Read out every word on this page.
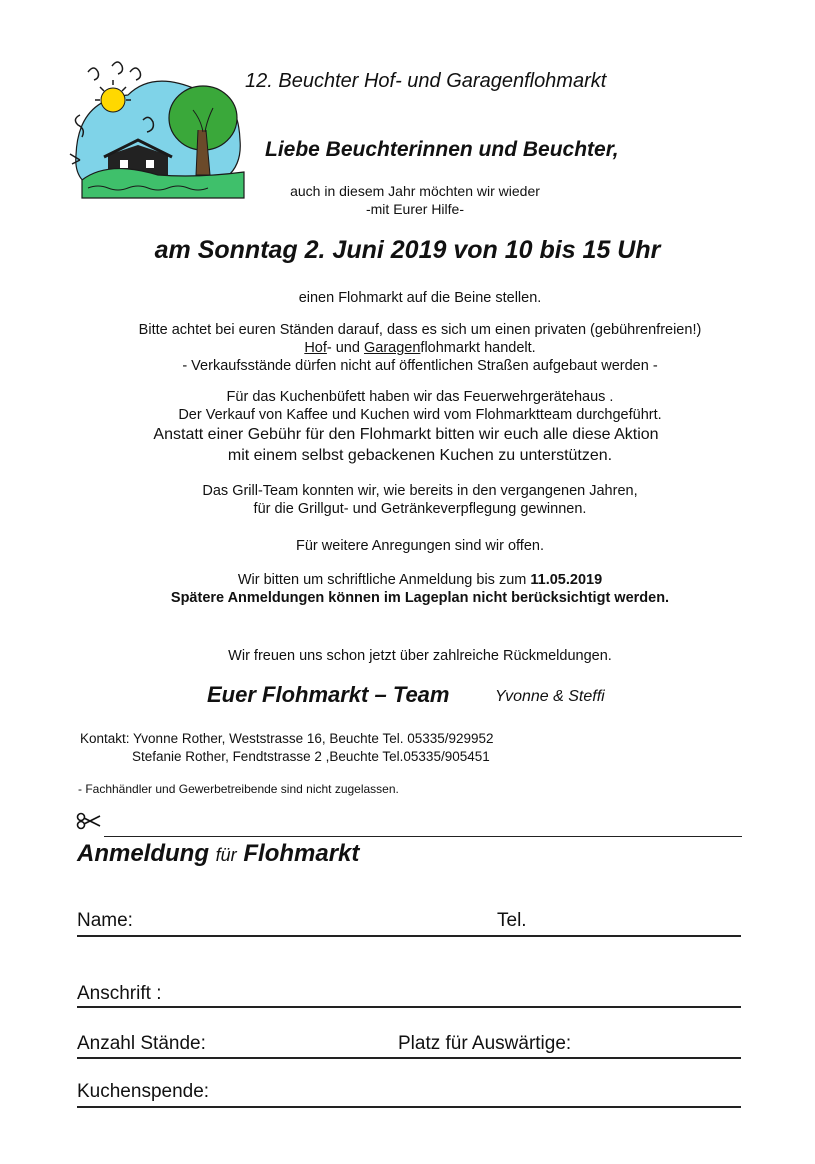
12. Beuchter Hof- und Garagenflohmarkt
Liebe Beuchterinnen und Beuchter,
auch in diesem Jahr möchten wir wieder
-mit Eurer Hilfe-
am Sonntag 2. Juni 2019 von 10 bis 15 Uhr
einen Flohmarkt auf die Beine stellen.
Bitte achtet bei euren Ständen darauf, dass es sich um einen privaten (gebührenfreien!)
Hof- und Garagenflohmarkt handelt.
- Verkaufsstände dürfen nicht auf öffentlichen Straßen aufgebaut werden -
Für das Kuchenbüfett haben wir das Feuerwehrgerätehaus .
Der Verkauf von Kaffee und Kuchen wird vom Flohmarktteam durchgeführt.
Anstatt einer Gebühr für den Flohmarkt bitten wir euch alle diese Aktion
mit einem selbst gebackenen Kuchen zu unterstützen.
Das Grill-Team konnten wir, wie bereits in den vergangenen Jahren,
für die Grillgut- und Getränkeverpflegung gewinnen.
Für weitere Anregungen sind wir offen.
Wir bitten um schriftliche Anmeldung bis zum 11.05.2019
Spätere Anmeldungen können im Lageplan nicht berücksichtigt werden.
Wir freuen uns schon jetzt über zahlreiche Rückmeldungen.
Euer Flohmarkt – Team	Yvonne & Steffi
Kontakt: Yvonne Rother, Weststrasse 16, Beuchte Tel. 05335/929952
Stefanie Rother, Fendtstrasse 2 ,Beuchte Tel.05335/905451
- Fachhändler und Gewerbetreibende sind nicht zugelassen.
Anmeldung für Flohmarkt
Name:	Tel.
Anschrift :
Anzahl Stände:	Platz für Auswärtige:
Kuchenspende:
